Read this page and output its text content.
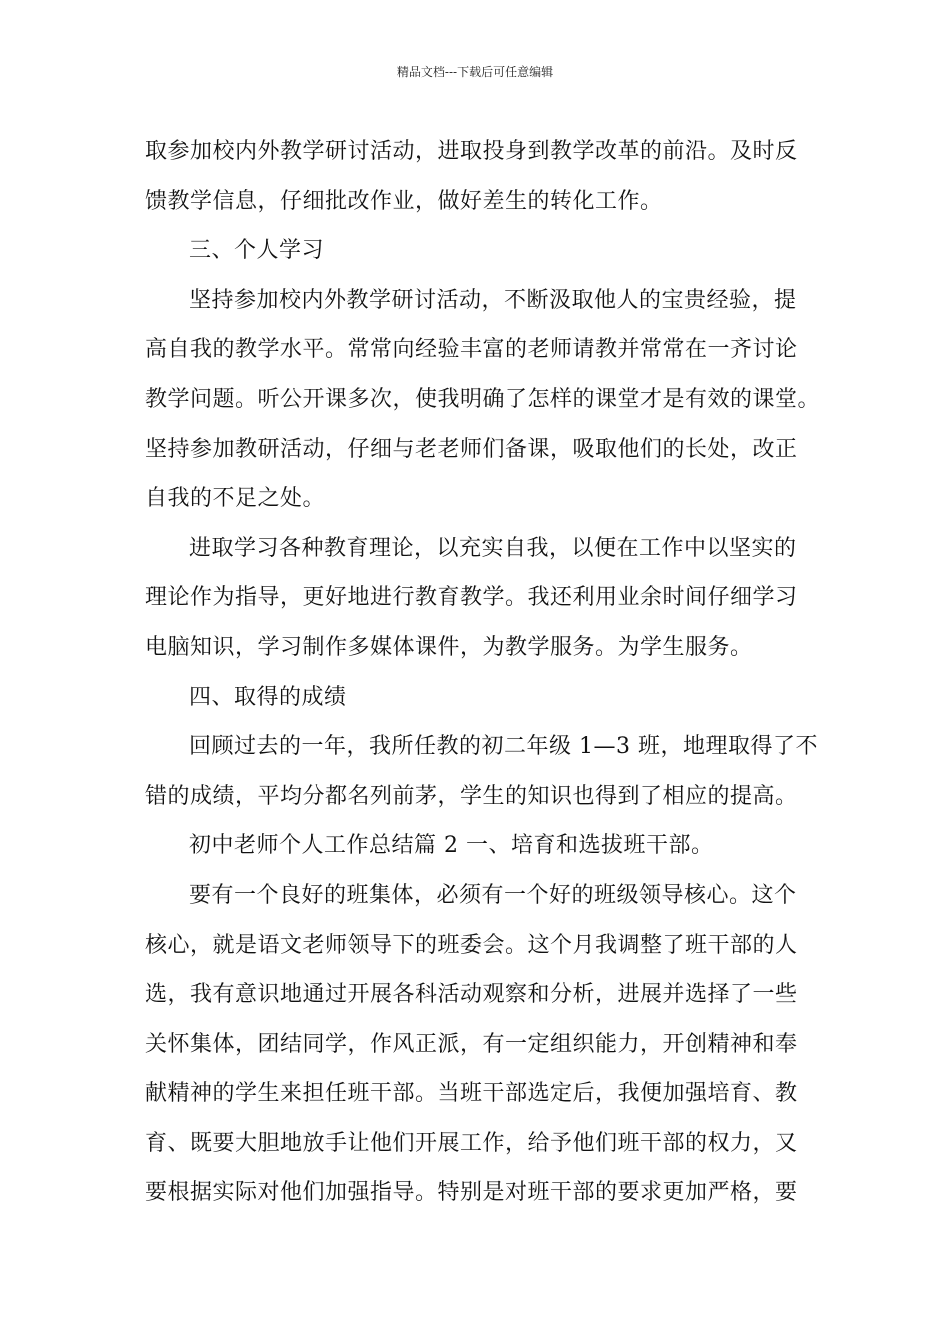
精品文档---下载后可任意编辑
取参加校内外教学研讨活动，进取投身到教学改革的前沿。及时反
馈教学信息，仔细批改作业，做好差生的转化工作。
三、个人学习
坚持参加校内外教学研讨活动，不断汲取他人的宝贵经验，提
高自我的教学水平。常常向经验丰富的老师请教并常常在一齐讨论
教学问题。听公开课多次，使我明确了怎样的课堂才是有效的课堂。
坚持参加教研活动，仔细与老老师们备课，吸取他们的长处，改正
自我的不足之处。
进取学习各种教育理论，以充实自我，以便在工作中以坚实的
理论作为指导，更好地进行教育教学。我还利用业余时间仔细学习
电脑知识，学习制作多媒体课件，为教学服务。为学生服务。
四、取得的成绩
回顾过去的一年，我所任教的初二年级 1—3 班，地理取得了不
错的成绩，平均分都名列前茅，学生的知识也得到了相应的提高。
初中老师个人工作总结篇 2 一、培育和选拔班干部。
要有一个良好的班集体，必须有一个好的班级领导核心。这个
核心，就是语文老师领导下的班委会。这个月我调整了班干部的人
选，我有意识地通过开展各科活动观察和分析，进展并选择了一些
关怀集体，团结同学，作风正派，有一定组织能力，开创精神和奉
献精神的学生来担任班干部。当班干部选定后，我便加强培育、教
育、既要大胆地放手让他们开展工作，给予他们班干部的权力，又
要根据实际对他们加强指导。特别是对班干部的要求更加严格，要
